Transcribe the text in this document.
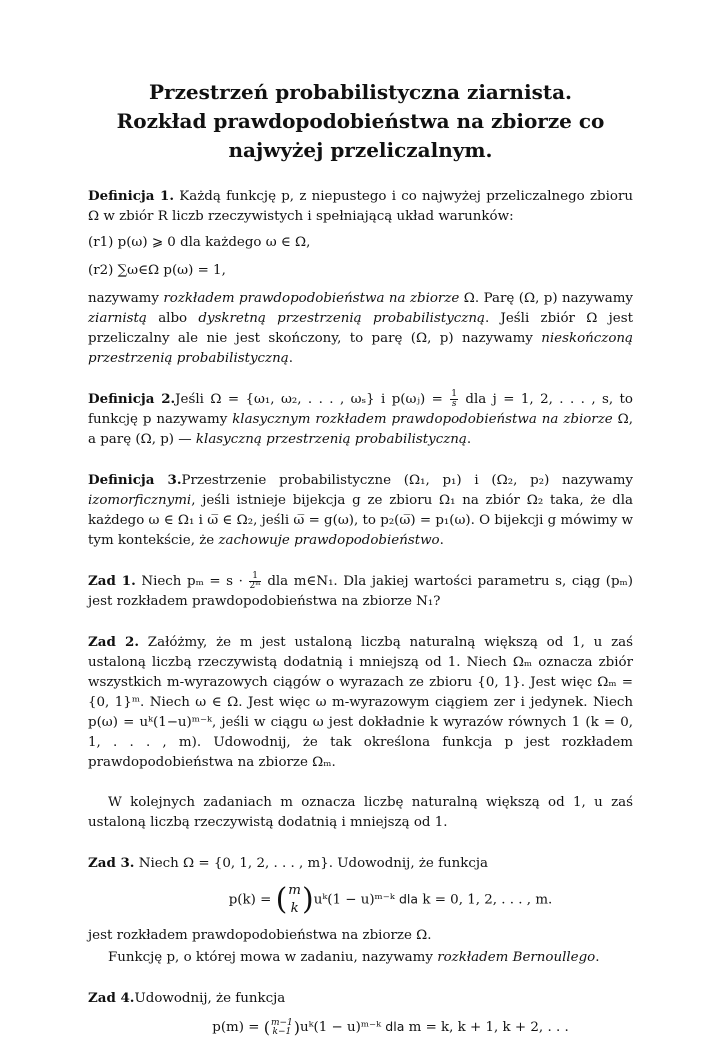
Przestrzeń probabilistyczna ziarnista.
Rozkład prawdopodobieństwa na zbiorze co
najwyżej przeliczalnym.
Definicja 1. Każdą funkcję p, z niepustego i co najwyżej przeliczalnego zbioru Ω w zbiór R liczb rzeczywistych i spełniającą układ warunków:
(r1) p(ω) ⩾ 0 dla każdego ω ∈ Ω,
(r2) ∑ω∈Ω p(ω) = 1,
nazywamy rozkładem prawdopodobieństwa na zbiorze Ω. Parę (Ω, p) nazywamy ziarnistą albo dyskretną przestrzenią probabilistyczną. Jeśli zbiór Ω jest przeliczalny ale nie jest skończony, to parę (Ω, p) nazywamy nieskończoną przestrzenią probabilistyczną.
Definicja 2.Jeśli Ω = {ω₁, ω₂, . . . , ωₛ} i p(ωⱼ) = $\frac{1}{s}$ dla j = 1, 2, . . . , s, to funkcję p nazywamy klasycznym rozkładem prawdopodobieństwa na zbiorze Ω, a parę (Ω, p) — klasyczną przestrzenią probabilistyczną.
Definicja 3.Przestrzenie probabilistyczne (Ω₁, p₁) i (Ω₂, p₂) nazywamy izomorficznymi, jeśli istnieje bijekcja g ze zbioru Ω₁ na zbiór Ω₂ taka, że dla każdego ω ∈ Ω₁ i ω̅ ∈ Ω₂, jeśli ω̅ = g(ω), to p₂(ω̅) = p₁(ω). O bijekcji g mówimy w tym kontekście, że zachowuje prawdopodobieństwo.
Zad 1. Niech $p_m = s \cdot \frac{1}{\text{2ᵐ}}$ dla m∈N₁. Dla jakiej wartości parametru s, ciąg (pₘ) jest rozkładem prawdopodobieństwa na zbiorze N₁?
Zad 2. Załóżmy, że m jest ustaloną liczbą naturalną większą od 1, u zaś ustaloną liczbą rzeczywistą dodatnią i mniejszą od 1. Niech Ωₘ oznacza zbiór wszystkich m-wyrazowych ciągów o wyrazach ze zbioru {0, 1}. Jest więc Ωₘ = {0, 1}ᵐ. Niech ω ∈ Ω. Jest więc ω m-wyrazowym ciągiem zer i jedynek. Niech p(ω) = uᵏ(1−u)ᵐ⁻ᵏ, jeśli w ciągu ω jest dokładnie k wyrazów równych 1 (k = 0, 1, . . . , m). Udowodnij, że tak określona funkcja p jest rozkładem prawdopodobieństwa na zbiorze Ωₘ.
W kolejnych zadaniach m oznacza liczbę naturalną większą od 1, u zaś ustaloną liczbą rzeczywistą dodatnią i mniejszą od 1.
Zad 3. Niech Ω = {0, 1, 2, . . . , m}. Udowodnij, że funkcja
p(k) = ( m
k ) uᵏ(1 − u)ᵐ⁻ᵏ dla k = 0, 1, 2, . . . , m.
jest rozkładem prawdopodobieństwa na zbiorze Ω.
Funkcję p, o której mowa w zadaniu, nazywamy rozkładem Bernoullego.
Zad 4.Udowodnij, że funkcja
p(m) = ( m−1
k−1 ) uᵏ(1 − u)ᵐ⁻ᵏ dla m = k, k + 1, k + 2, . . .
